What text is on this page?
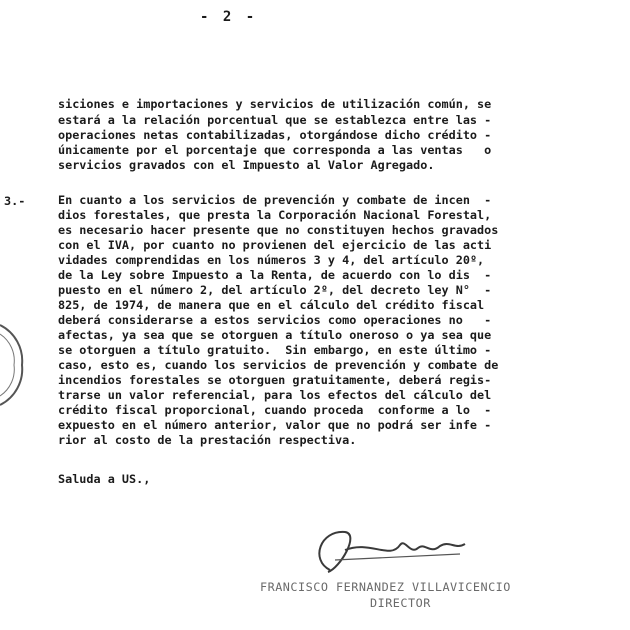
- 2 -
siciones e importaciones y servicios de utilización común, se
estará a la relación porcentual que se establezca entre las -
operaciones netas contabilizadas, otorgándose dicho crédito -
únicamente por el porcentaje que corresponda a las ventas   o
servicios gravados con el Impuesto al Valor Agregado.
3.-	En cuanto a los servicios de prevención y combate de incen  -
dios forestales, que presta la Corporación Nacional Forestal,
es necesario hacer presente que no constituyen hechos gravados
con el IVA, por cuanto no provienen del ejercicio de las acti
vidades comprendidas en los números 3 y 4, del artículo 20º,
de la Ley sobre Impuesto a la Renta, de acuerdo con lo dis  -
puesto en el número 2, del artículo 2º, del decreto ley N°  -
825, de 1974, de manera que en el cálculo del crédito fiscal
deberá considerarse a estos servicios como operaciones no   -
afectas, ya sea que se otorguen a título oneroso o ya sea que
se otorguen a título gratuito.  Sin embargo, en este último -
caso, esto es, cuando los servicios de prevención y combate de
incendios forestales se otorguen gratuitamente, deberá regis-
trarse un valor referencial, para los efectos del cálculo del
crédito fiscal proporcional, cuando proceda  conforme a lo  -
expuesto en el número anterior, valor que no podrá ser infe -
rior al costo de la prestación respectiva.
Saluda a US.,
FRANCISCO FERNANDEZ VILLAVICENCIO
DIRECTOR
